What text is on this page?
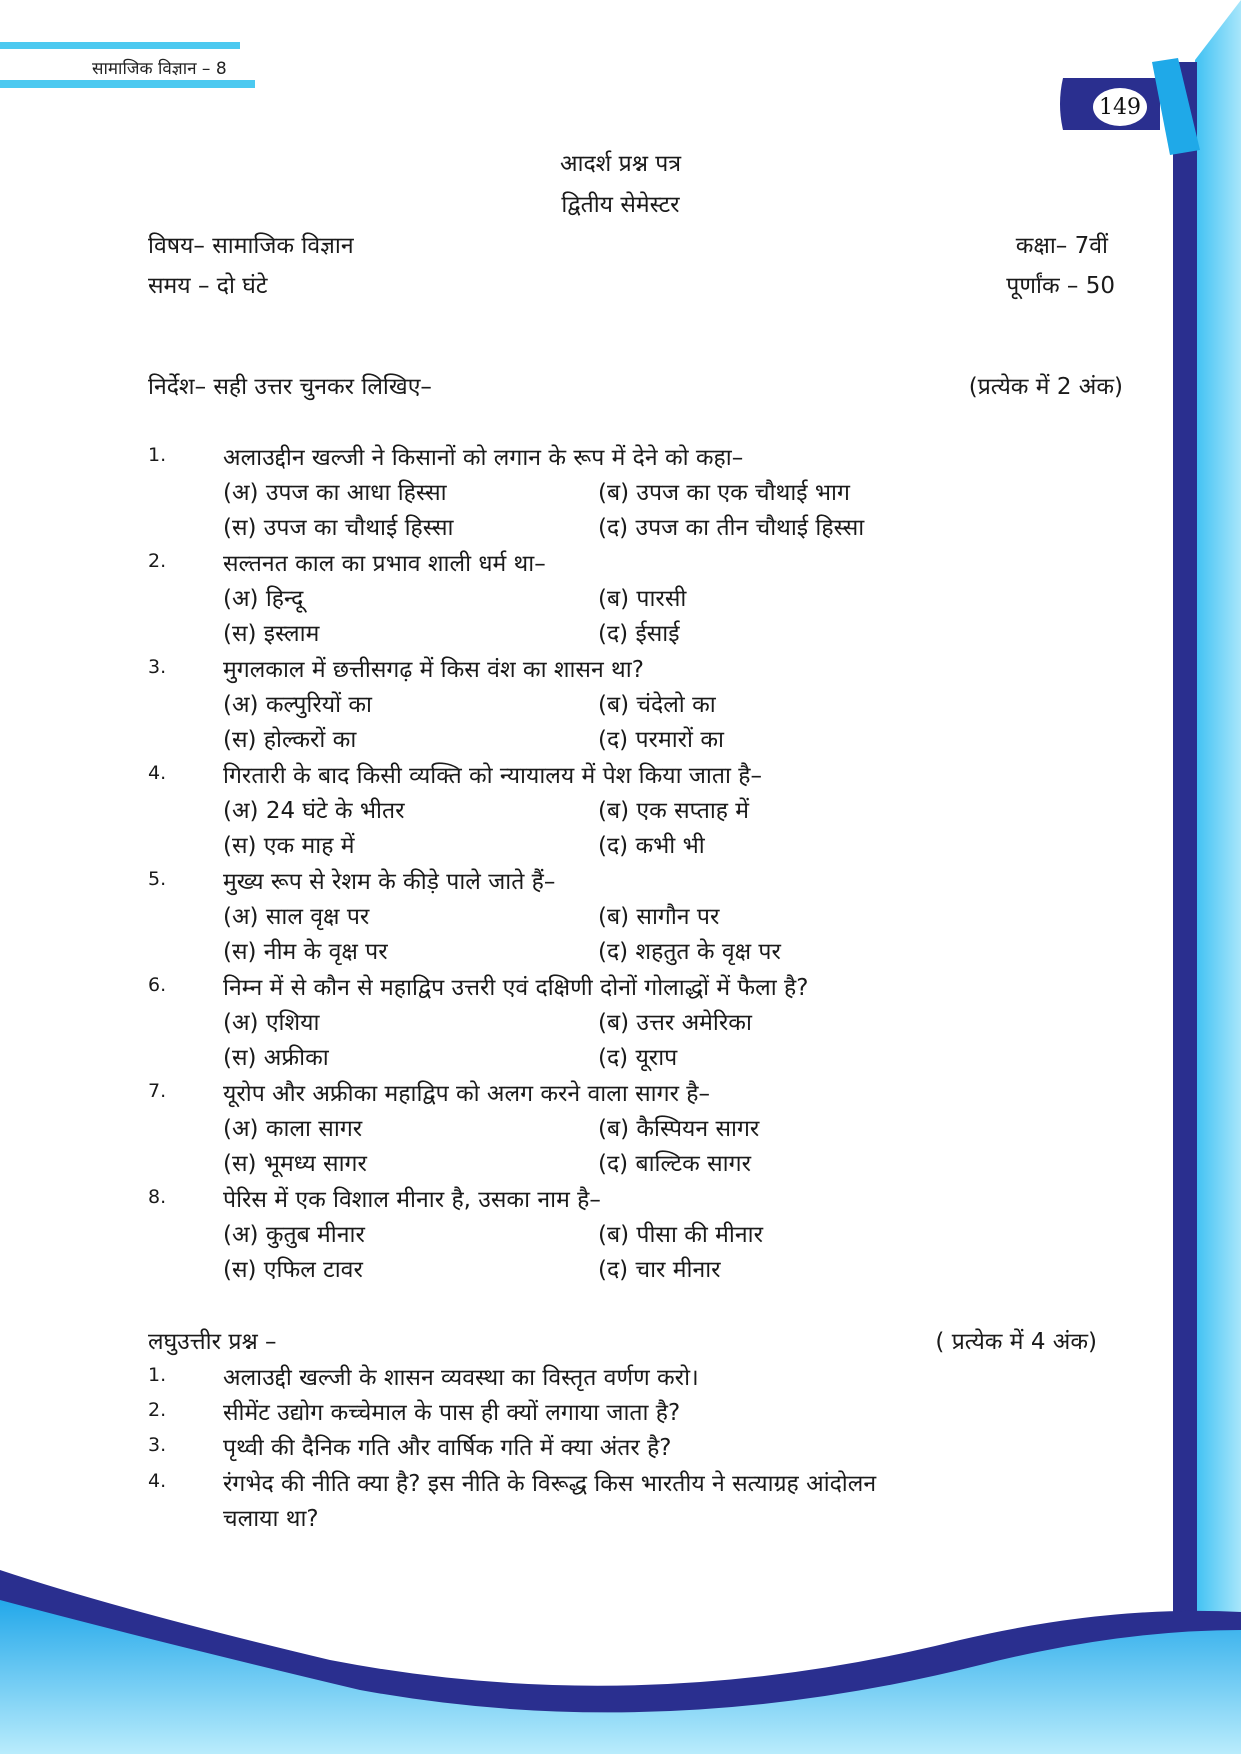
सामाजिक विज्ञान – 8
149
आदर्श प्रश्न पत्र
द्वितीय सेमेस्टर
विषय– सामाजिक विज्ञान	कक्षा– 7वीं
समय – दो घंटे	पूर्णांक – 50
निर्देश– सही उत्तर चुनकर लिखिए–	(प्रत्येक में 2 अंक)
1.	अलाउद्दीन खल्जी ने किसानों को लगान के रूप में देने को कहा–
(अ) उपज का आधा हिस्सा	(ब) उपज का एक चौथाई भाग
(स) उपज का चौथाई हिस्सा	(द) उपज का तीन चौथाई हिस्सा
2.	सल्तनत काल का प्रभाव शाली धर्म था–
(अ) हिन्दू	(ब) पारसी
(स) इस्लाम	(द) ईसाई
3.	मुगलकाल में छत्तीसगढ़ में किस वंश का शासन था?
(अ) कल्पुरियों का	(ब) चंदेलो का
(स) होल्करों का	(द) परमारों का
4.	गिरतारी के बाद किसी व्यक्ति को न्यायालय में पेश किया जाता है–
(अ) 24 घंटे के भीतर	(ब) एक सप्ताह में
(स) एक माह में	(द) कभी भी
5.	मुख्य रूप से रेशम के कीड़े पाले जाते हैं–
(अ) साल वृक्ष पर	(ब) सागौन पर
(स) नीम के वृक्ष पर	(द) शहतुत के वृक्ष पर
6.	निम्न में से कौन से महाद्विप उत्तरी एवं दक्षिणी दोनों गोलाद्धों में फैला है?
(अ) एशिया	(ब) उत्तर अमेरिका
(स) अफ्रीका	(द) यूराप
7.	यूरोप और अफ्रीका महाद्विप को अलग करने वाला सागर है–
(अ) काला सागर	(ब) कैस्पियन सागर
(स) भूमध्य सागर	(द) बाल्टिक सागर
8.	पेरिस में एक विशाल मीनार है, उसका नाम है–
(अ) कुतुब मीनार	(ब) पीसा की मीनार
(स) एफिल टावर	(द) चार मीनार
लघुउत्तीर प्रश्न –	( प्रत्येक में 4 अंक)
1.	अलाउद्दी खल्जी के शासन व्यवस्था का विस्तृत वर्णण करो।
2.	सीमेंट उद्योग कच्चेमाल के पास ही क्यों लगाया जाता है?
3.	पृथ्वी की दैनिक गति और वार्षिक गति में क्या अंतर है?
4.	रंगभेद की नीति क्या है? इस नीति के विरूद्ध किस भारतीय ने सत्याग्रह आंदोलन
चलाया था?
